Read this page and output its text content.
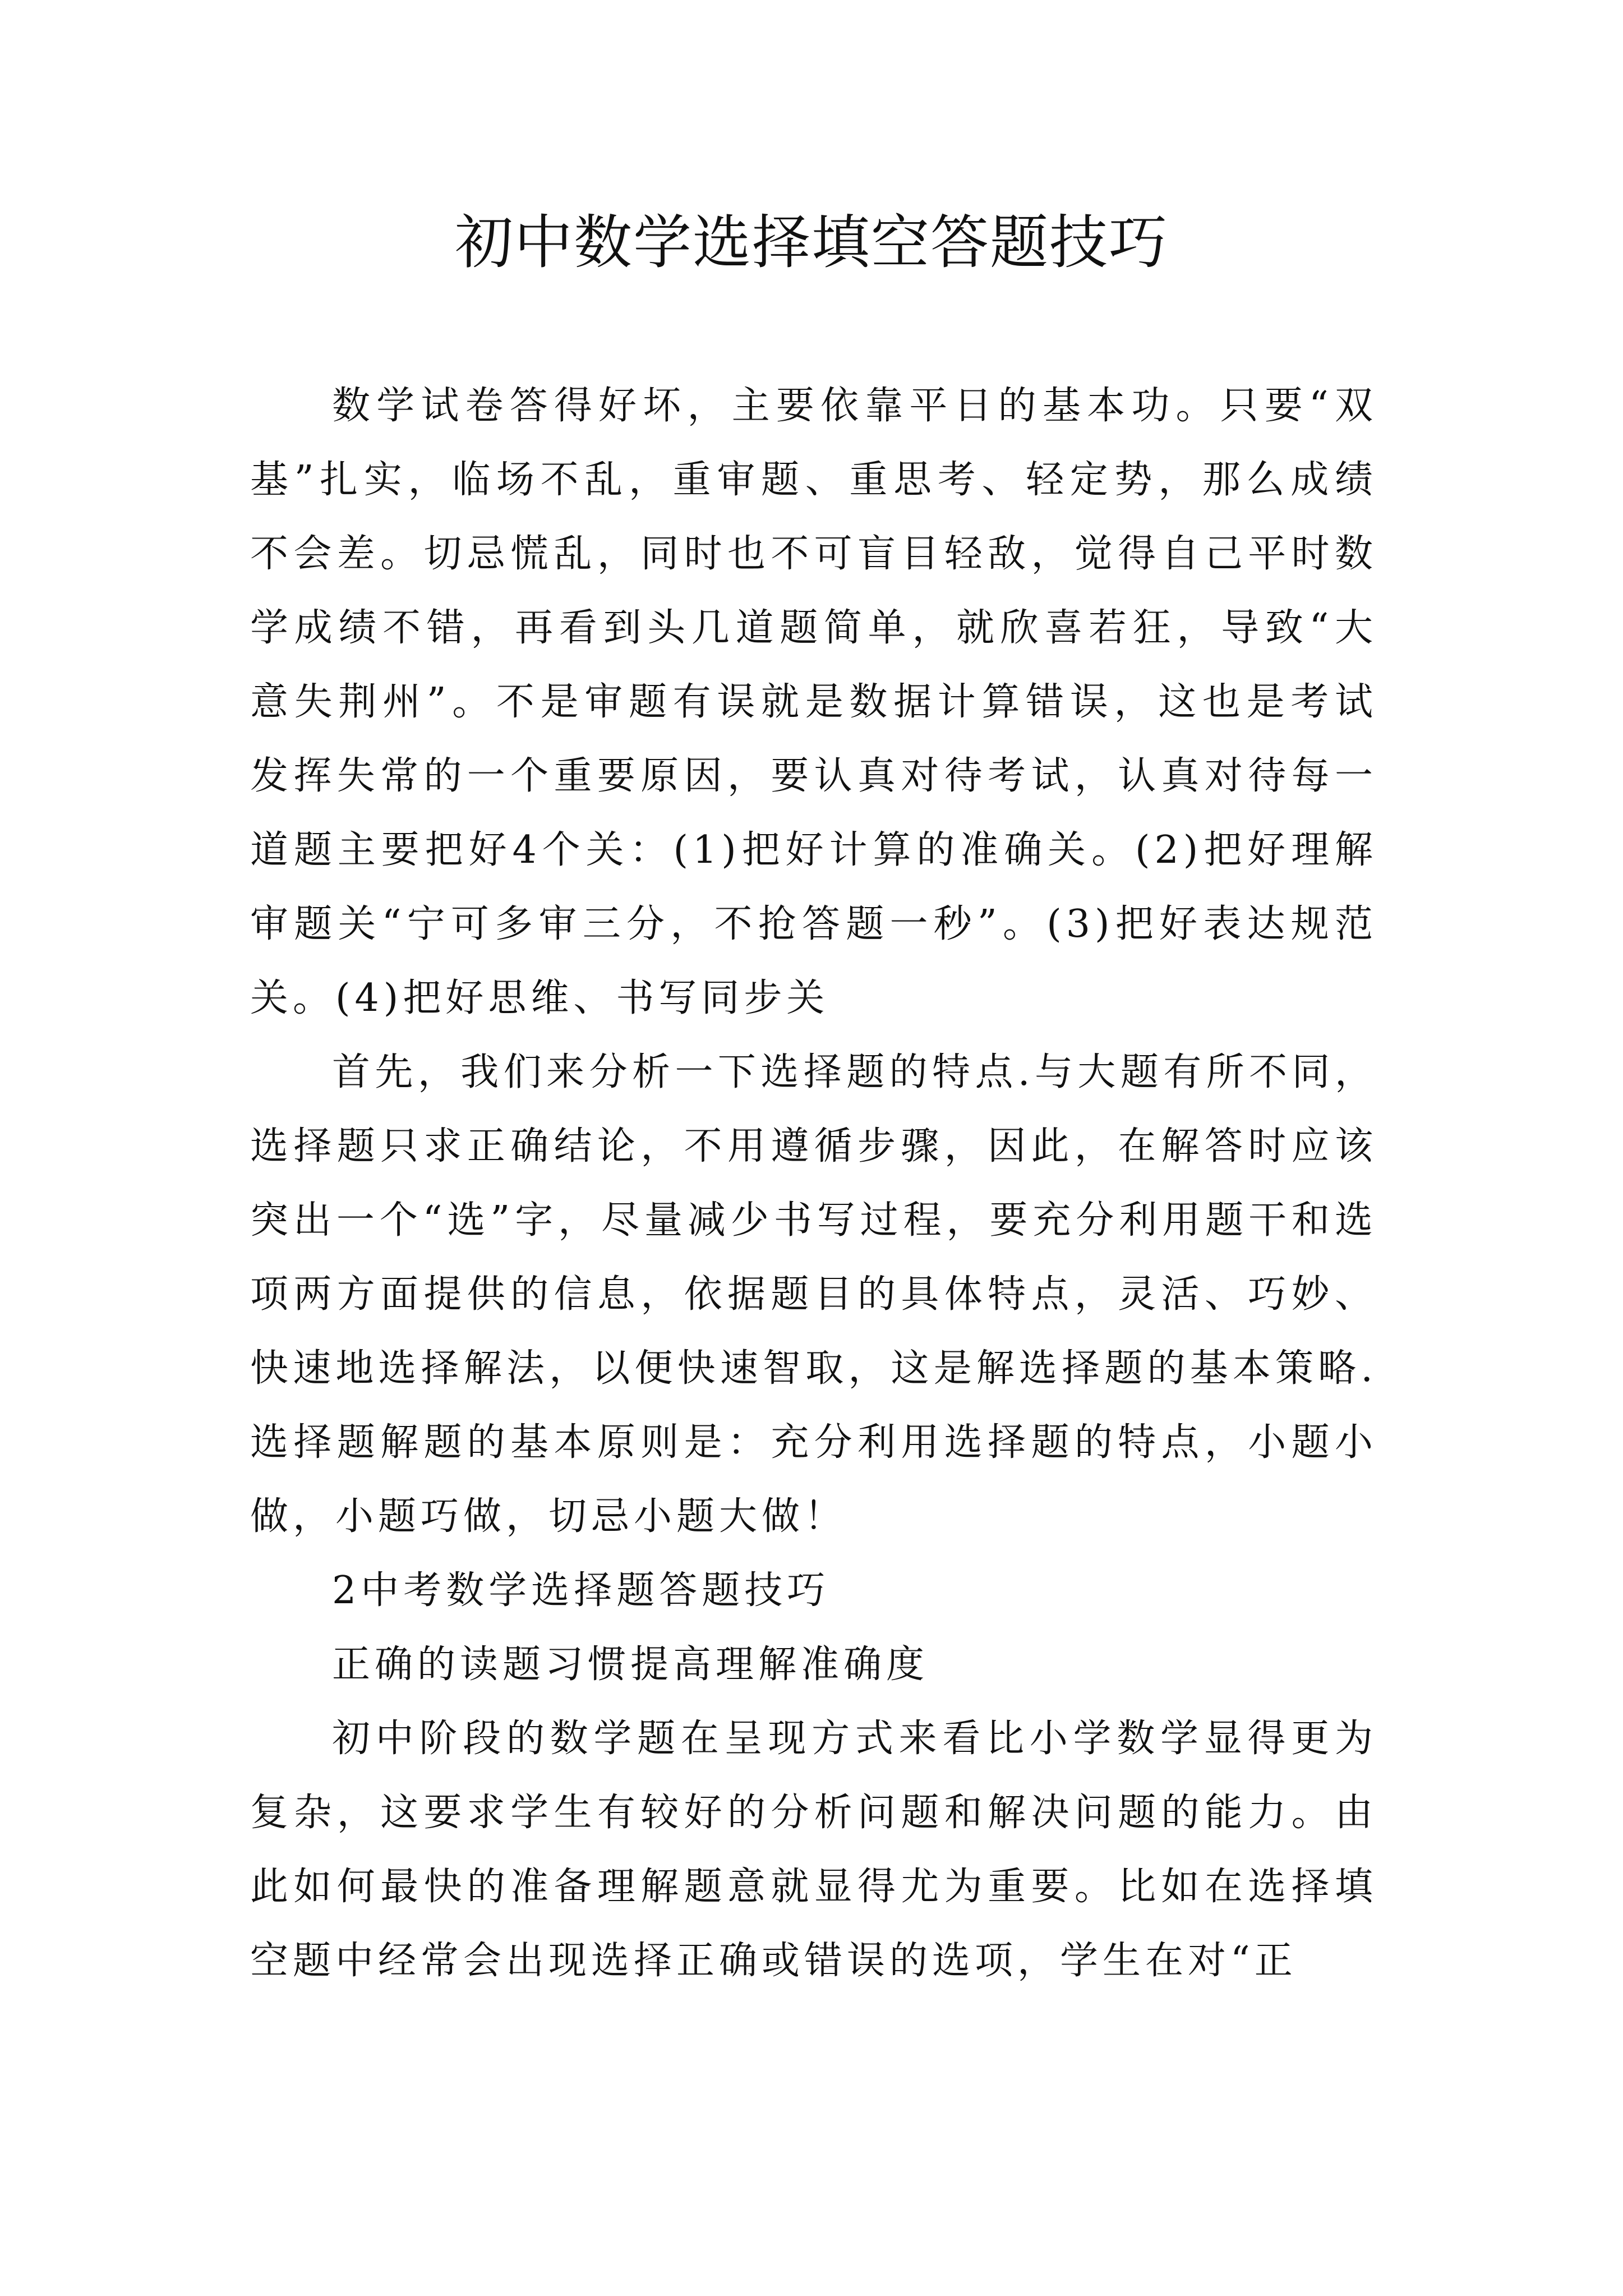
初中数学选择填空答题技巧

数学试卷答得好坏，主要依靠平日的基本功。只要“双基”扎实，临场不乱，重审题、重思考、轻定势，那么成绩不会差。切忌慌乱，同时也不可盲目轻敌，觉得自己平时数学成绩不错，再看到头几道题简单，就欣喜若狂，导致“大意失荆州”。不是审题有误就是数据计算错误，这也是考试发挥失常的一个重要原因，要认真对待考试，认真对待每一道题主要把好4个关：(1)把好计算的准确关。(2)把好理解审题关“宁可多审三分，不抢答题一秒”。(3)把好表达规范关。(4)把好思维、书写同步关

首先，我们来分析一下选择题的特点.与大题有所不同，选择题只求正确结论，不用遵循步骤，因此，在解答时应该突出一个“选”字，尽量减少书写过程，要充分利用题干和选项两方面提供的信息，依据题目的具体特点，灵活、巧妙、快速地选择解法，以便快速智取，这是解选择题的基本策略.选择题解题的基本原则是：充分利用选择题的特点，小题小做，小题巧做，切忌小题大做！

2中考数学选择题答题技巧

正确的读题习惯提高理解准确度

初中阶段的数学题在呈现方式来看比小学数学显得更为复杂，这要求学生有较好的分析问题和解决问题的能力。由此如何最快的准备理解题意就显得尤为重要。比如在选择填空题中经常会出现选择正确或错误的选项，学生在对“正
